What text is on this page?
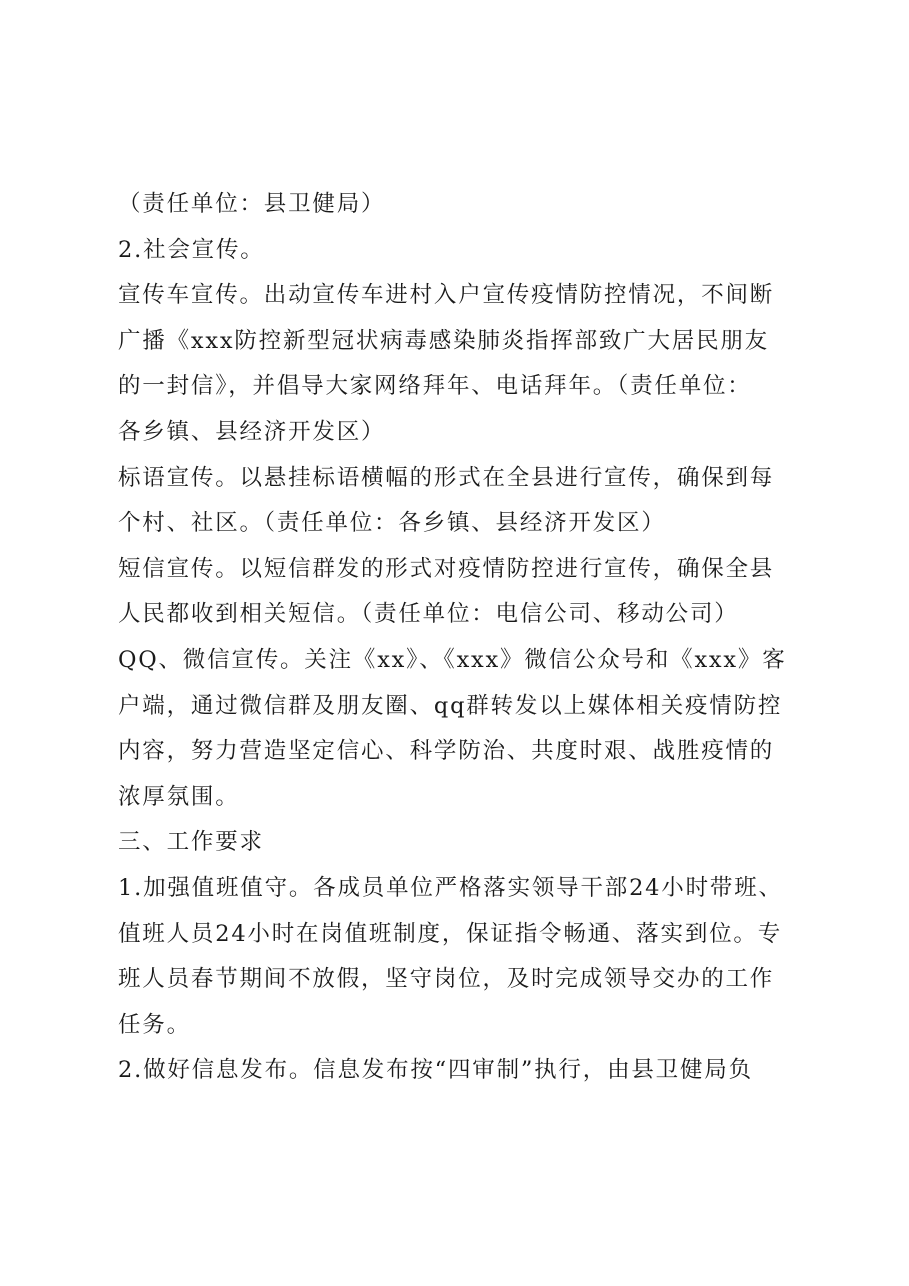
（责任单位：县卫健局）
2.社会宣传。
宣传车宣传。出动宣传车进村入户宣传疫情防控情况，不间断
广播《xxx防控新型冠状病毒感染肺炎指挥部致广大居民朋友
的一封信》，并倡导大家网络拜年、电话拜年。（责任单位：
各乡镇、县经济开发区）
标语宣传。以悬挂标语横幅的形式在全县进行宣传，确保到每
个村、社区。（责任单位：各乡镇、县经济开发区）
短信宣传。以短信群发的形式对疫情防控进行宣传，确保全县
人民都收到相关短信。（责任单位：电信公司、移动公司）
QQ、微信宣传。关注《xx》、《xxx》微信公众号和《xxx》客
户端，通过微信群及朋友圈、qq群转发以上媒体相关疫情防控
内容，努力营造坚定信心、科学防治、共度时艰、战胜疫情的
浓厚氛围。
三、工作要求
1.加强值班值守。各成员单位严格落实领导干部24小时带班、
值班人员24小时在岗值班制度，保证指令畅通、落实到位。专
班人员春节期间不放假，坚守岗位，及时完成领导交办的工作
任务。
2.做好信息发布。信息发布按“四审制”执行，由县卫健局负
